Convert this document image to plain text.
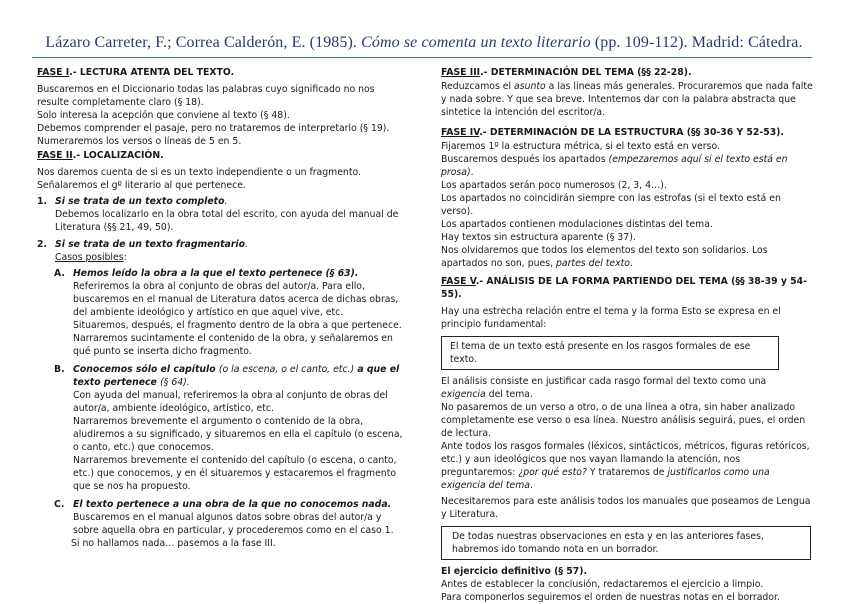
Lázaro Carreter, F.; Correa Calderón, E. (1985). Cómo se comenta un texto literario (pp. 109-112). Madrid: Cátedra.

FASE I.- LECTURA ATENTA DEL TEXTO.

Buscaremos en el Diccionario todas las palabras cuyo significado no nos resulte completamente claro (§ 18).

Solo interesa la acepción que conviene al texto (§ 48).

Debemos comprender el pasaje, pero no trataremos de interpretarlo (§ 19).

Numeraremos los versos o líneas de 5 en 5.

FASE II.- LOCALIZACIÓN.

Nos daremos cuenta de si es un texto independiente o un fragmento.

Señalaremos el gº literario al que pertenece.

1. Si se trata de un texto completo.

Debemos localizarlo en la obra total del escrito, con ayuda del manual de Literatura (§§ 21, 49, 50).

2. Si se trata de un texto fragmentario.

Casos posibles:

A. Hemos leído la obra a la que el texto pertenece (§ 63).

Referiremos la obra al conjunto de obras del autor/a. Para ello, buscaremos en el manual de Literatura datos acerca de dichas obras, del ambiente ideológico y artístico en que aquel vive, etc.

Situaremos, después, el fragmento dentro de la obra a que pertenece.

Narraremos sucintamente el contenido de la obra, y señalaremos en qué punto se inserta dicho fragmento.

B. Conocemos sólo el capítulo (o la escena, o el canto, etc.) a que el texto pertenece (§ 64).

Con ayuda del manual, referiremos la obra al conjunto de obras del autor/a, ambiente ideológico, artístico, etc.

Narraremos brevemente el argumento o contenido de la obra, aludiremos a su significado, y situaremos en ella el capítulo (o escena, o canto, etc.) que conocemos.

Narraremos brevemente el contenido del capítulo (o escena, o canto, etc.) que conocemos, y en él situaremos y estacaremos el fragmento que se nos ha propuesto.

C. El texto pertenece a una obra de la que no conocemos nada.

Buscaremos en el manual algunos datos sobre obras del autor/a y sobre aquella obra en particular, y procederemos como en el caso 1.

Si no hallamos nada… pasemos a la fase III.

FASE III.- DETERMINACIÓN DEL TEMA (§§ 22-28).

Reduzcamos el asunto a las líneas más generales. Procuraremos que nada falte y nada sobre. Y que sea breve. Intentemos dar con la palabra abstracta que sintetice la intención del escritor/a.

FASE IV.- DETERMINACIÓN DE LA ESTRUCTURA (§§ 30-36 Y 52-53).

Fijaremos 1º la estructura métrica, si el texto está en verso.

Buscaremos después los apartados (empezaremos aquí si el texto está en prosa).

Los apartados serán poco numerosos (2, 3, 4…).

Los apartados no coincidirán siempre con las estrofas (si el texto está en verso).

Los apartados contienen modulaciones distintas del tema.

Hay textos sin estructura aparente (§ 37).

Nos olvidaremos que todos los elementos del texto son solidarios. Los apartados no son, pues, partes del texto.

FASE V.- ANÁLISIS DE LA FORMA PARTIENDO DEL TEMA (§§ 38-39 y 54-55).

Hay una estrecha relación entre el tema y la forma Esto se expresa en el principio fundamental:

El tema de un texto está presente en los rasgos formales de ese texto.

El análisis consiste en justificar cada rasgo formal del texto como una exigencia del tema.

No pasaremos de un verso a otro, o de una línea a otra, sin haber analizado completamente ese verso o esa línea. Nuestro análisis seguirá, pues, el orden de lectura.

Ante todos los rasgos formales (léxicos, sintácticos, métricos, figuras retóricos, etc.) y aun ideológicos que nos vayan llamando la atención, nos preguntaremos: ¿por qué esto? Y trataremos de justificarlos como una exigencia del tema.

Necesitaremos para este análisis todos los manuales que poseamos de Lengua y Literatura.

De todas nuestras observaciones en esta y en las anteriores fases, habremos ido tomando nota en un borrador.

El ejercicio definitivo (§ 57).

Antes de establecer la conclusión, redactaremos el ejercicio a limpio.

Para componerlos seguiremos el orden de nuestras notas en el borrador.
